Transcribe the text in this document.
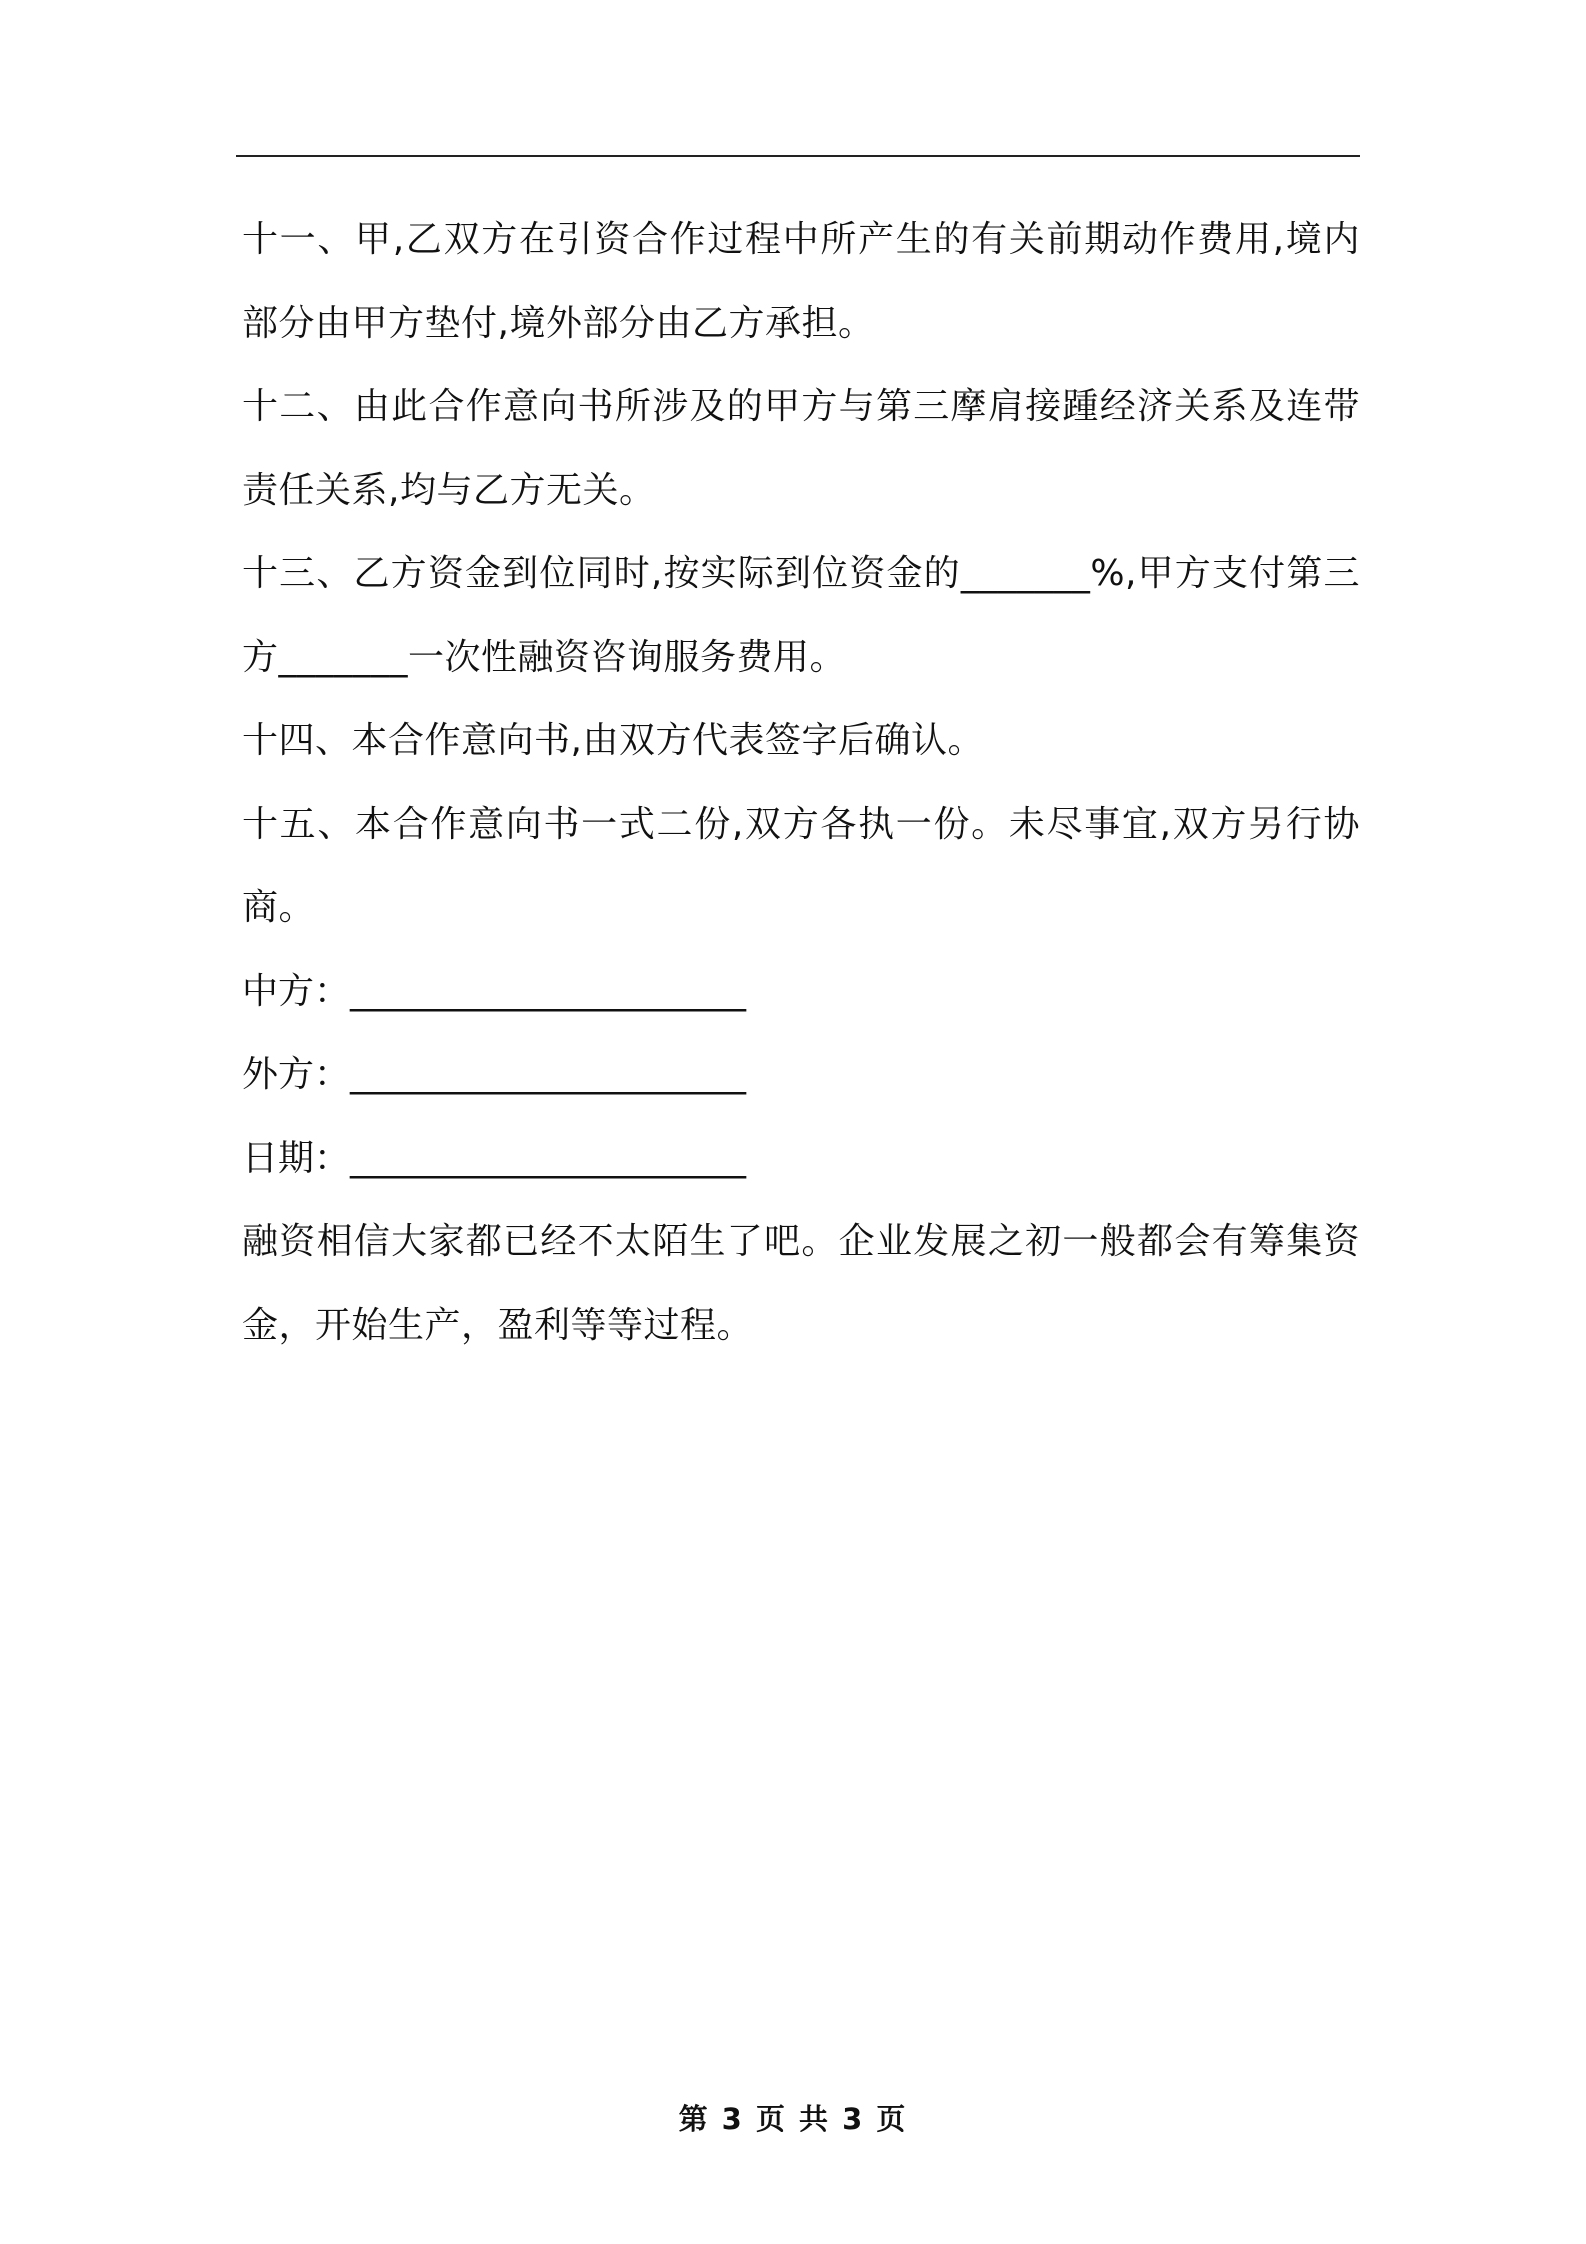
十一、甲,乙双方在引资合作过程中所产生的有关前期动作费用,境内部分由甲方垫付,境外部分由乙方承担。

十二、由此合作意向书所涉及的甲方与第三摩肩接踵经济关系及连带责任关系,均与乙方无关。

十三、乙方资金到位同时,按实际到位资金的_______%,甲方支付第三方_______一次性融资咨询服务费用。

十四、本合作意向书,由双方代表签字后确认。

十五、本合作意向书一式二份,双方各执一份。未尽事宜,双方另行协商。

中方：______________________

外方：______________________

日期：______________________

融资相信大家都已经不太陌生了吧。企业发展之初一般都会有筹集资金，开始生产，盈利等等过程。

第 3 页 共 3 页
